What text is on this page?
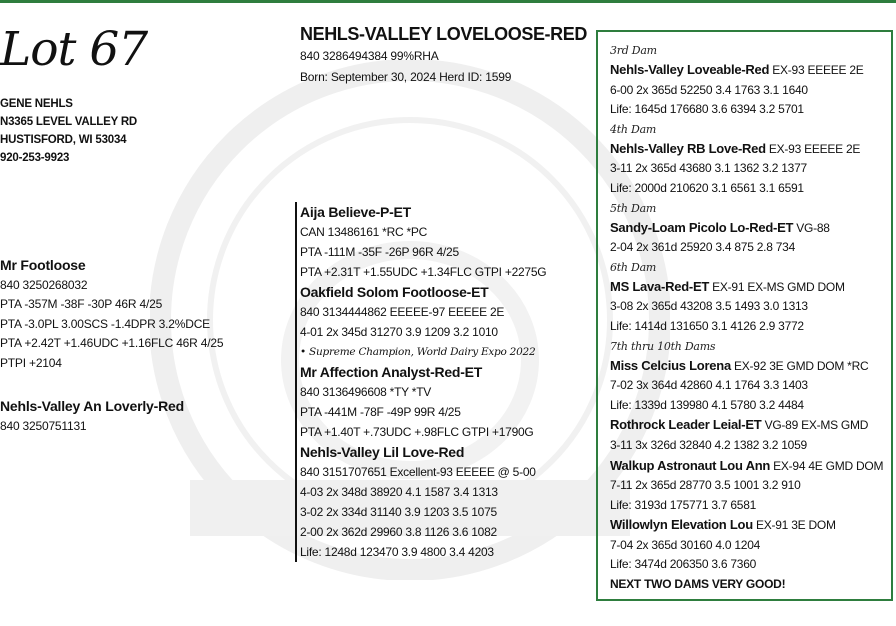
Lot 67
GENE NEHLS
N3365 LEVEL VALLEY RD
HUSTISFORD, WI 53034
920-253-9923
Mr Footloose
840 3250268032
PTA -357M -38F -30P 46R 4/25
PTA -3.0PL 3.00SCS -1.4DPR 3.2%DCE
PTA +2.42T +1.46UDC +1.16FLC 46R 4/25
PTPI +2104
Nehls-Valley An Loverly-Red
840 3250751131
NEHLS-VALLEY LOVELOOSE-RED
840 3286494384 99%RHA
Born: September 30, 2024 Herd ID: 1599
Aija Believe-P-ET
CAN 13486161 *RC *PC
PTA -111M -35F -26P 96R 4/25
PTA +2.31T +1.55UDC +1.34FLC GTPI +2275G
Oakfield Solom Footloose-ET
840 3134444862 EEEEE-97 EEEEE 2E
4-01 2x 345d 31270 3.9 1209 3.2 1010
• Supreme Champion, World Dairy Expo 2022
Mr Affection Analyst-Red-ET
840 3136496608 *TY *TV
PTA -441M -78F -49P 99R 4/25
PTA +1.40T +.73UDC +.98FLC GTPI +1790G
Nehls-Valley Lil Love-Red
840 3151707651 Excellent-93 EEEEE @ 5-00
4-03 2x 348d 38920 4.1 1587 3.4 1313
3-02 2x 334d 31140 3.9 1203 3.5 1075
2-00 2x 362d 29960 3.8 1126 3.6 1082
Life: 1248d 123470 3.9 4800 3.4 4203
3rd Dam
Nehls-Valley Loveable-Red EX-93 EEEEE 2E
6-00 2x 365d 52250 3.4 1763 3.1 1640
Life: 1645d 176680 3.6 6394 3.2 5701
4th Dam
Nehls-Valley RB Love-Red EX-93 EEEEE 2E
3-11 2x 365d 43680 3.1 1362 3.2 1377
Life: 2000d 210620 3.1 6561 3.1 6591
5th Dam
Sandy-Loam Picolo Lo-Red-ET VG-88
2-04 2x 361d 25920 3.4 875 2.8 734
6th Dam
MS Lava-Red-ET EX-91 EX-MS GMD DOM
3-08 2x 365d 43208 3.5 1493 3.0 1313
Life: 1414d 131650 3.1 4126 2.9 3772
7th thru 10th Dams
Miss Celcius Lorena EX-92 3E GMD DOM *RC
7-02 3x 364d 42860 4.1 1764 3.3 1403
Life: 1339d 139980 4.1 5780 3.2 4484
Rothrock Leader Leial-ET VG-89 EX-MS GMD
3-11 3x 326d 32840 4.2 1382 3.2 1059
Walkup Astronaut Lou Ann EX-94 4E GMD DOM
7-11 2x 365d 28770 3.5 1001 3.2 910
Life: 3193d 175771 3.7 6581
Willowlyn Elevation Lou EX-91 3E DOM
7-04 2x 365d 30160 4.0 1204
Life: 3474d 206350 3.6 7360
NEXT TWO DAMS VERY GOOD!
